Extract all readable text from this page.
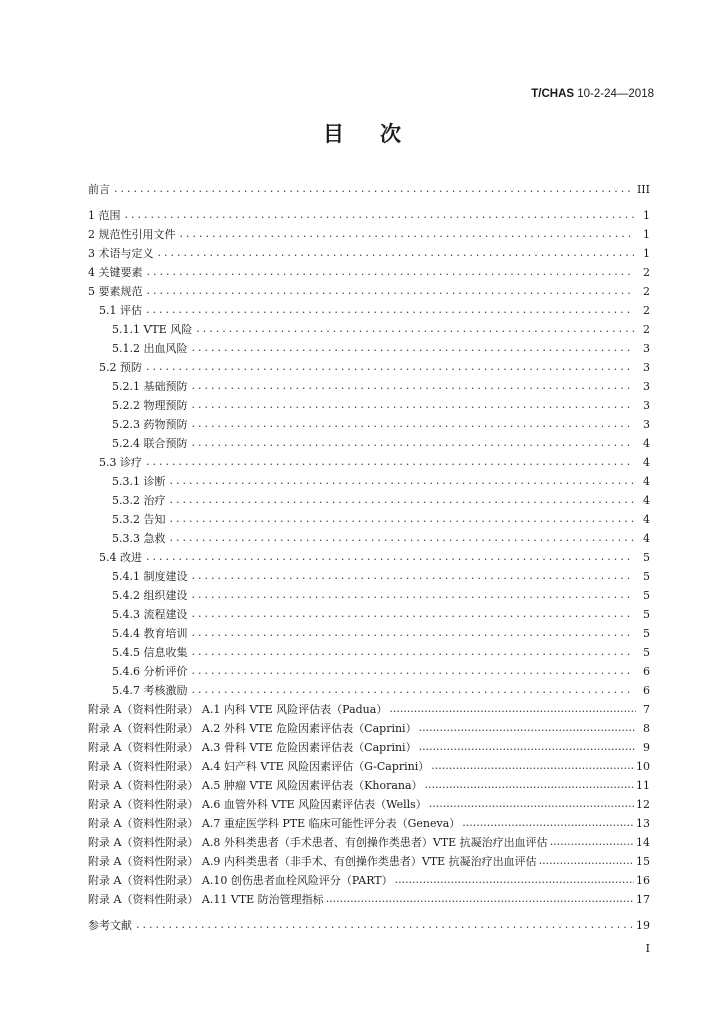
T/CHAS 10-2-24—2018
目次
前言 .....	III
1 范围 .....	1
2 规范性引用文件 .....	1
3 术语与定义 .....	1
4 关键要素 .....	2
5 要素规范 .....	2
5.1 评估 .....	2
5.1.1 VTE 风险 .....	2
5.1.2 出血风险 .....	3
5.2 预防 .....	3
5.2.1 基础预防 .....	3
5.2.2 物理预防 .....	3
5.2.3 药物预防 .....	3
5.2.4 联合预防 .....	4
5.3 诊疗 .....	4
5.3.1 诊断 .....	4
5.3.2 治疗 .....	4
5.3.2 告知 .....	4
5.3.3 急救 .....	4
5.4 改进 .....	5
5.4.1 制度建设 .....	5
5.4.2 组织建设 .....	5
5.4.3 流程建设 .....	5
5.4.4 教育培训 .....	5
5.4.5 信息收集 .....	5
5.4.6 分析评价 .....	6
5.4.7 考核激励 .....	6
附录 A（资料性附录） A.1 内科 VTE 风险评估表（Padua） .....	7
附录 A（资料性附录） A.2 外科 VTE 危险因素评估表（Caprini） .....	8
附录 A（资料性附录） A.3 骨科 VTE 危险因素评估表（Caprini） .....	9
附录 A（资料性附录） A.4 妇产科 VTE 风险因素评估（G-Caprini） .....	10
附录 A（资料性附录） A.5 肿瘤 VTE 风险因素评估表（Khorana） .....	11
附录 A（资料性附录） A.6 血管外科 VTE 风险因素评估表（Wells） .....	12
附录 A（资料性附录） A.7 重症医学科 PTE 临床可能性评分表（Geneva） .....	13
附录 A（资料性附录） A.8 外科类患者（手术患者、有创操作类患者）VTE 抗凝治疗出血评估 .....	14
附录 A（资料性附录） A.9 内科类患者（非手术、有创操作类患者）VTE 抗凝治疗出血评估 .....	15
附录 A（资料性附录） A.10 创伤患者血栓风险评分（PART） .....	16
附录 A（资料性附录） A.11 VTE 防治管理指标 .....	17
参考文献 .....	19
I
